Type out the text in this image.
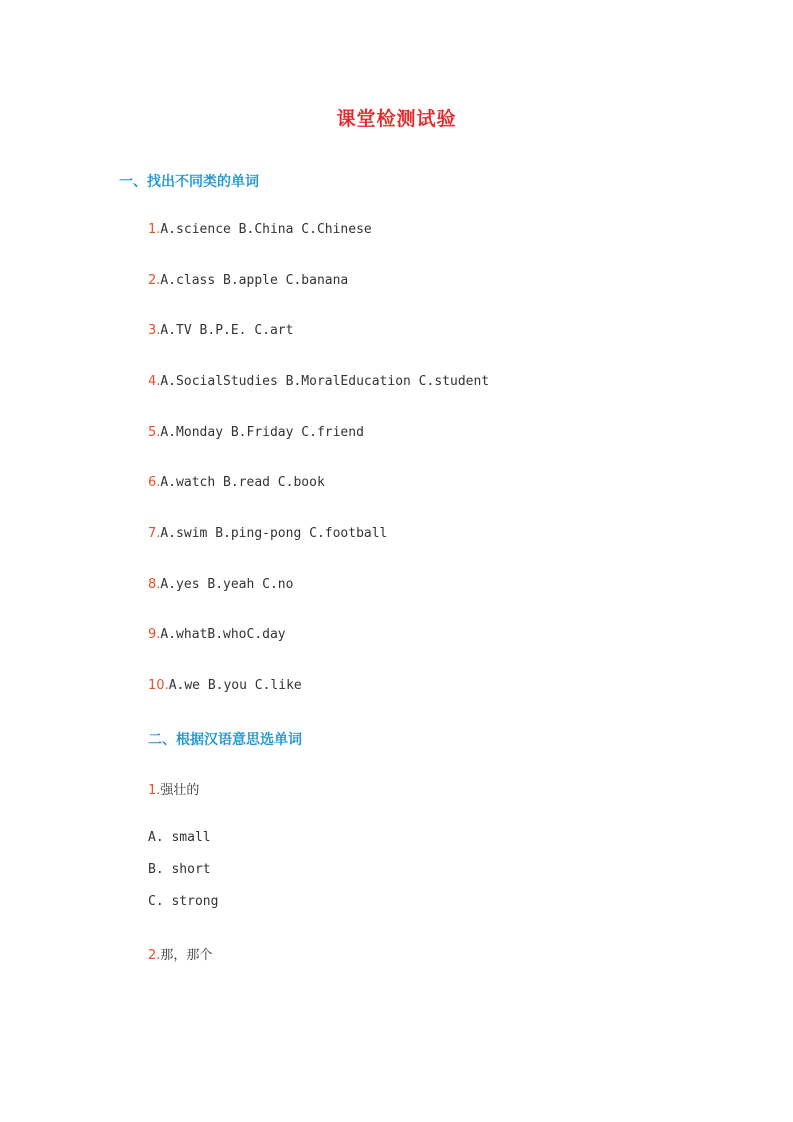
课堂检测试验
一、找出不同类的单词
1.A.science B.China C.Chinese
2.A.class B.apple C.banana
3.A.TV B.P.E. C.art
4.A.SocialStudies B.MoralEducation C.student
5.A.Monday B.Friday C.friend
6.A.watch B.read C.book
7.A.swim B.ping-pong C.football
8.A.yes B.yeah C.no
9.A.whatB.whoC.day
10.A.we B.you C.like
二、根据汉语意思选单词
1.强壮的
A. small
B. short
C. strong
2.那，那个
